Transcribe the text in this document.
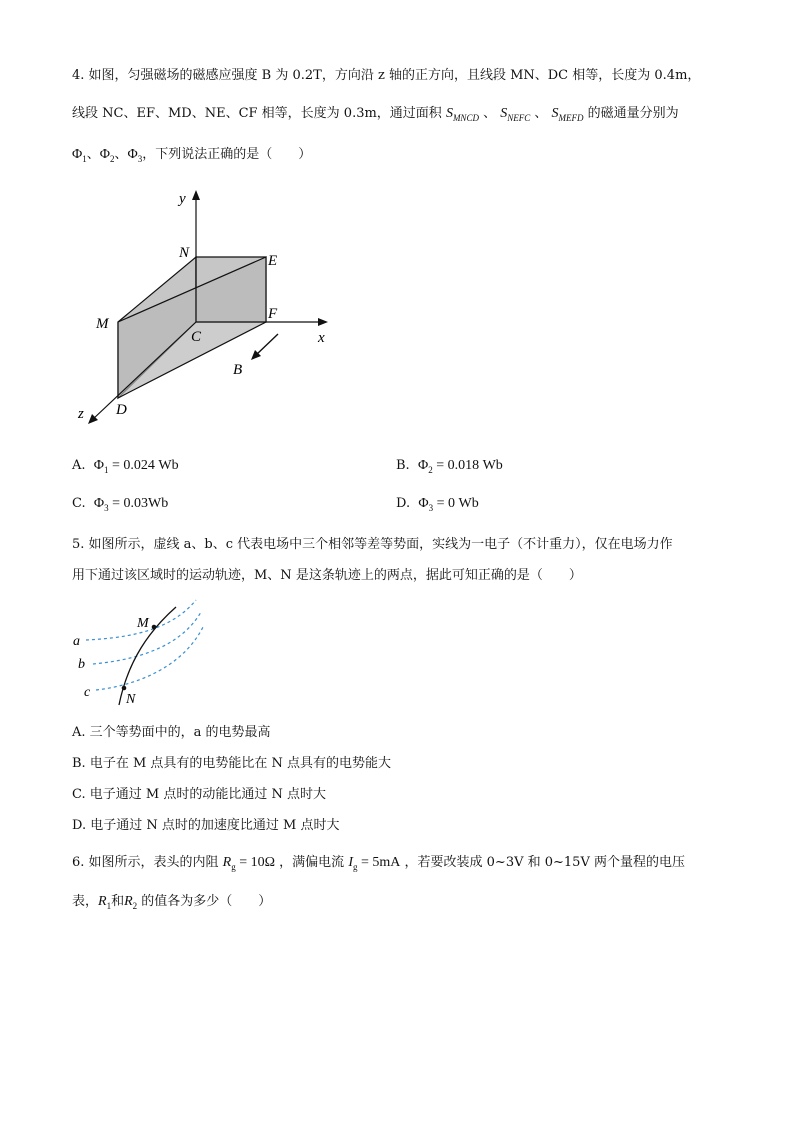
4. 如图，匀强磁场的磁感应强度 B 为 0.2T，方向沿 z 轴的正方向，且线段 MN、DC 相等，长度为 0.4m，
线段 NC、EF、MD、NE、CF 相等，长度为 0.3m，通过面积 $S_{MNCD}$ 、 $S_{NEFC}$ 、 $S_{MEFD}$ 的磁通量分别为
$\Phi_1$、$\Phi_2$、$\Phi_3$，下列说法正确的是（　　）
y
N	E
M
C
F
x
B
z D
A. $\Phi_1 = 0.024$ Wb	B. $\Phi_2 = 0.018$ Wb
C. $\Phi_3 = 0.03Wb$	D. $\Phi_3 = 0$ Wb
5. 如图所示，虚线 a、b、c 代表电场中三个相邻等差等势面，实线为一电子（不计重力），仅在电场力作
用下通过该区域时的运动轨迹，M、N 是这条轨迹上的两点，据此可知正确的是（　　）
M
a
b
c	N
A. 三个等势面中的，a 的电势最高
B. 电子在 M 点具有的电势能比在 N 点具有的电势能大
C. 电子通过 M 点时的动能比通过 N 点时大
D. 电子通过 N 点时的加速度比通过 M 点时大
6. 如图所示，表头的内阻 $R_g = 10\Omega$ ，满偏电流 $I_g = 5mA$ ，若要改装成 0~3V 和 0~15V 两个量程的电压
表，$R_1$和$R_2$ 的值各为多少（　　）
